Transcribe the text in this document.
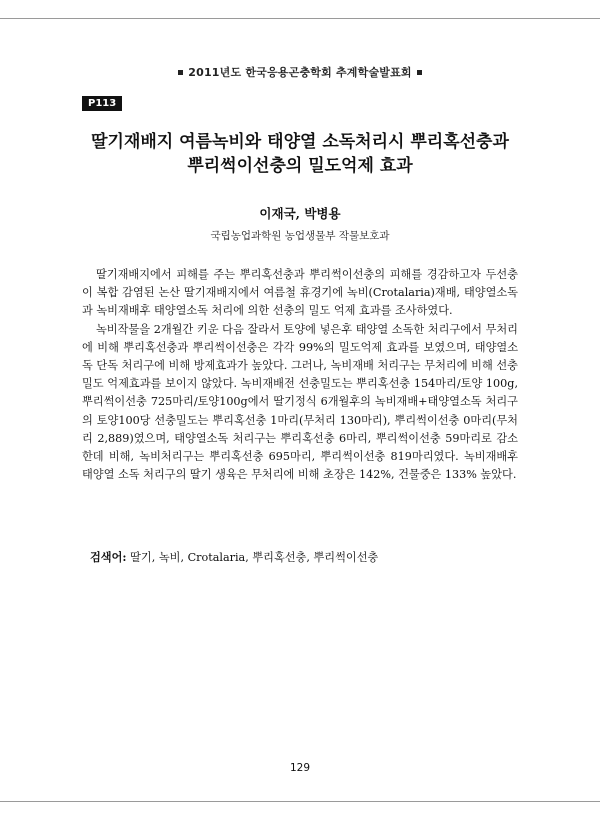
2011년도 한국응용곤충학회 추계학술발표회
P113
딸기재배지 여름녹비와 태양열 소독처리시 뿌리혹선충과
뿌리썩이선충의 밀도억제 효과
이재국, 박병용
국립농업과학원 농업생물부 작물보호과

딸기재배지에서 피해를 주는 뿌리혹선충과 뿌리썩이선충의 피해를 경감하고자 두선충이 복합 감염된 논산 딸기재배지에서 여름철 휴경기에 녹비(Crotalaria)재배, 태양열소독과 녹비재배후 태양열소독 처리에 의한 선충의 밀도 억제 효과를 조사하였다.

녹비작물을 2개월간 키운 다음 잘라서 토양에 넣은후 태양열 소독한 처리구에서 무처리에 비해 뿌리혹선충과 뿌리썩이선충은 각각 99%의 밀도억제 효과를 보였으며, 태양열소독 단독 처리구에 비해 방제효과가 높았다. 그러나, 녹비재배 처리구는 무처리에 비해 선충밀도 억제효과를 보이지 않았다. 녹비재배전 선충밀도는 뿌리혹선충 154마리/토양 100g, 뿌리썩이선충 725마리/토양100g에서 딸기정식 6개월후의 녹비재배+태양열소독 처리구의 토양100당 선충밀도는 뿌리혹선충 1마리(무처리 130마리), 뿌리썩이선충 0마리(무처리 2,889)였으며, 태양열소독 처리구는 뿌리혹선충 6마리, 뿌리썩이선충 59마리로 감소한데 비해, 녹비처리구는 뿌리혹선충 695마리, 뿌리썩이선충 819마리였다. 녹비재배후 태양열 소독 처리구의 딸기 생육은 무처리에 비해 초장은 142%, 건물중은 133% 높았다.

검색어: 딸기, 녹비, Crotalaria, 뿌리혹선충, 뿌리썩이선충
129
